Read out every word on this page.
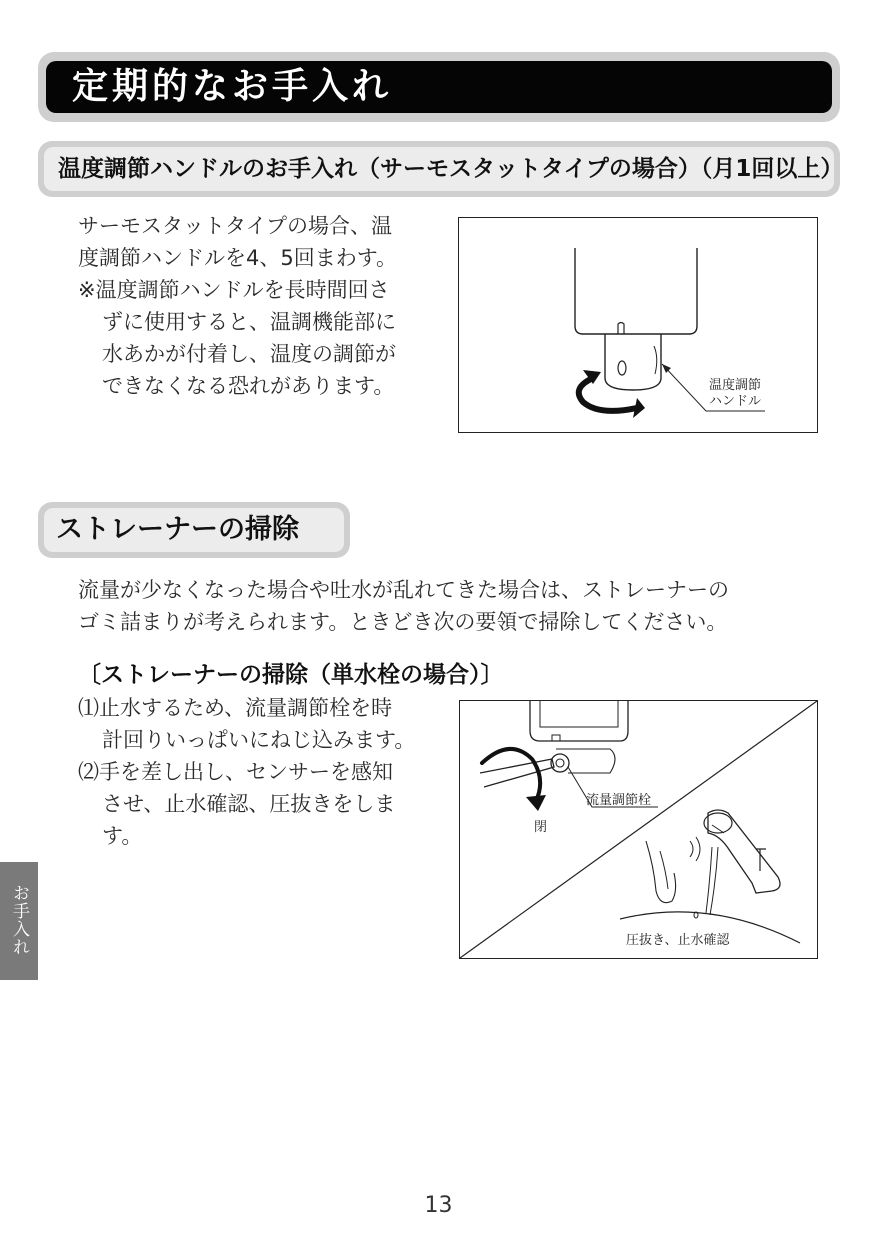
定期的なお手入れ
温度調節ハンドルのお手入れ（サーモスタットタイプの場合）（月1回以上）

サーモスタットタイプの場合、温

度調節ハンドルを4、5回まわす。

※温度調節ハンドルを長時間回さ

ずに使用すると、温調機能部に

水あかが付着し、温度の調節が

できなくなる恐れがあります。	温度調節
ハンドル
ストレーナーの掃除

流量が少なくなった場合や吐水が乱れてきた場合は、ストレーナーの

ゴミ詰まりが考えられます。ときどき次の要領で掃除してください。

〔ストレーナーの掃除（単水栓の場合）〕

⑴止水するため、流量調節栓を時

計回りいっぱいにねじ込みます。

⑵手を差し出し、センサーを感知

させ、止水確認、圧抜きをしま

す。

流量調節栓
閉
圧抜き、止水確認
お手入れ
13
